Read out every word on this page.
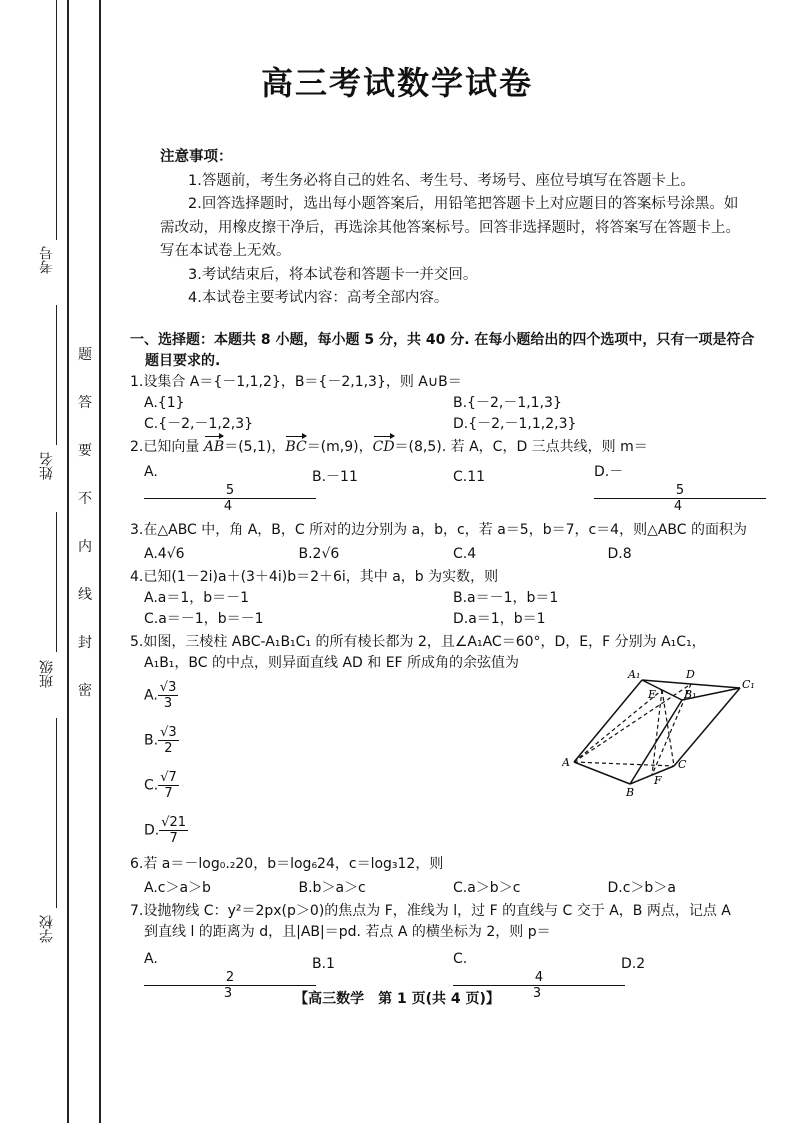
考号
姓名
班级
学校
题
答
要
不
内
线
封
密
高三考试数学试卷
注意事项：
1.答题前，考生务必将自己的姓名、考生号、考场号、座位号填写在答题卡上。
2.回答选择题时，选出每小题答案后，用铅笔把答题卡上对应题目的答案标号涂黑。如需改动，用橡皮擦干净后，再选涂其他答案标号。回答非选择题时，将答案写在答题卡上。写在本试卷上无效。
3.考试结束后，将本试卷和答题卡一并交回。
4.本试卷主要考试内容：高考全部内容。
一、选择题：本题共 8 小题，每小题 5 分，共 40 分. 在每小题给出的四个选项中，只有一项是符合
题目要求的.
1.设集合 A＝{－1,1,2}，B＝{－2,1,3}，则 A∪B＝
A.{1}	B.{－2,－1,1,3}
C.{－2,－1,2,3}	D.{－2,－1,1,2,3}
2.已知向量 AB＝(5,1)，BC＝(m,9)，CD＝(8,5). 若 A，C，D 三点共线，则 m＝
A.
$\frac{5}{4}$
B.－11	C.11	D.－
$\frac{5}{4}$
3.在△ABC 中，角 A，B，C 所对的边分别为 a，b，c，若 a＝5，b＝7，c＝4，则△ABC 的面积为
A.4√6	B.2√6	C.4	D.8
4.已知(1－2i)a＋(3＋4i)b＝2＋6i，其中 a，b 为实数，则
A.a＝1，b＝－1	B.a＝－1，b＝1
C.a＝－1，b＝－1	D.a＝1，b＝1
5.如图，三棱柱 ABC-A₁B₁C₁ 的所有棱长都为 2，且∠A₁AC＝60°，D，E，F 分别为 A₁C₁，
A₁B₁，BC 的中点，则异面直线 AD 和 EF 所成角的余弦值为
A. $\frac{√3}{3}$
B. $\frac{√3}{2}$
C. $\frac{√7}{7}$
D. $\frac{√21}{7}$
A₁	D
C₁
E	B₁
A	C
F
B
6.若 a＝－log₀.₂20，b＝log₆24，c＝log₃12，则
A.c＞a＞b	B.b＞a＞c	C.a＞b＞c	D.c＞b＞a
7.设抛物线 C：y²＝2px(p＞0)的焦点为 F，准线为 l，过 F 的直线与 C 交于 A，B 两点，记点 A
到直线 l 的距离为 d，且|AB|＝pd. 若点 A 的横坐标为 2，则 p＝
A.
$\frac{2}{3}$
B.1	C.
$\frac{4}{3}$
D.2
【高三数学　第 1 页(共 4 页)】
